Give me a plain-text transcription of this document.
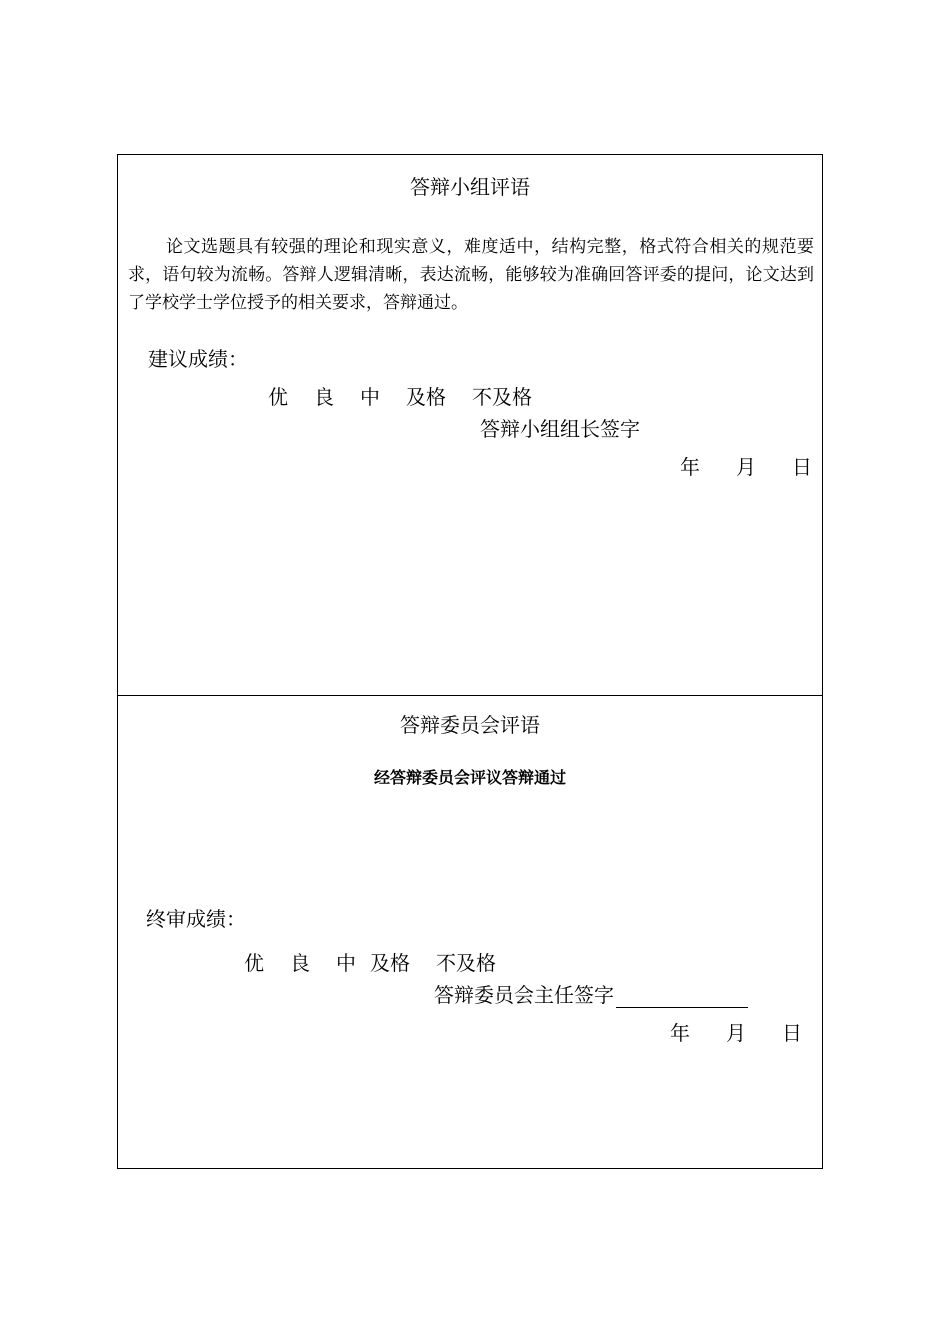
答辩小组评语
论文选题具有较强的理论和现实意义，难度适中，结构完整，格式符合相关的规范要求，语句较为流畅。答辩人逻辑清晰，表达流畅，能够较为准确回答评委的提问，论文达到了学校学士学位授予的相关要求，答辩通过。
建议成绩：
优 良 中 及格 不及格
答辩小组组长签字
年 月 日
答辩委员会评语
经答辩委员会评议答辩通过
终审成绩：
优 良 中 及格 不及格
答辩委员会主任签字
年 月 日
